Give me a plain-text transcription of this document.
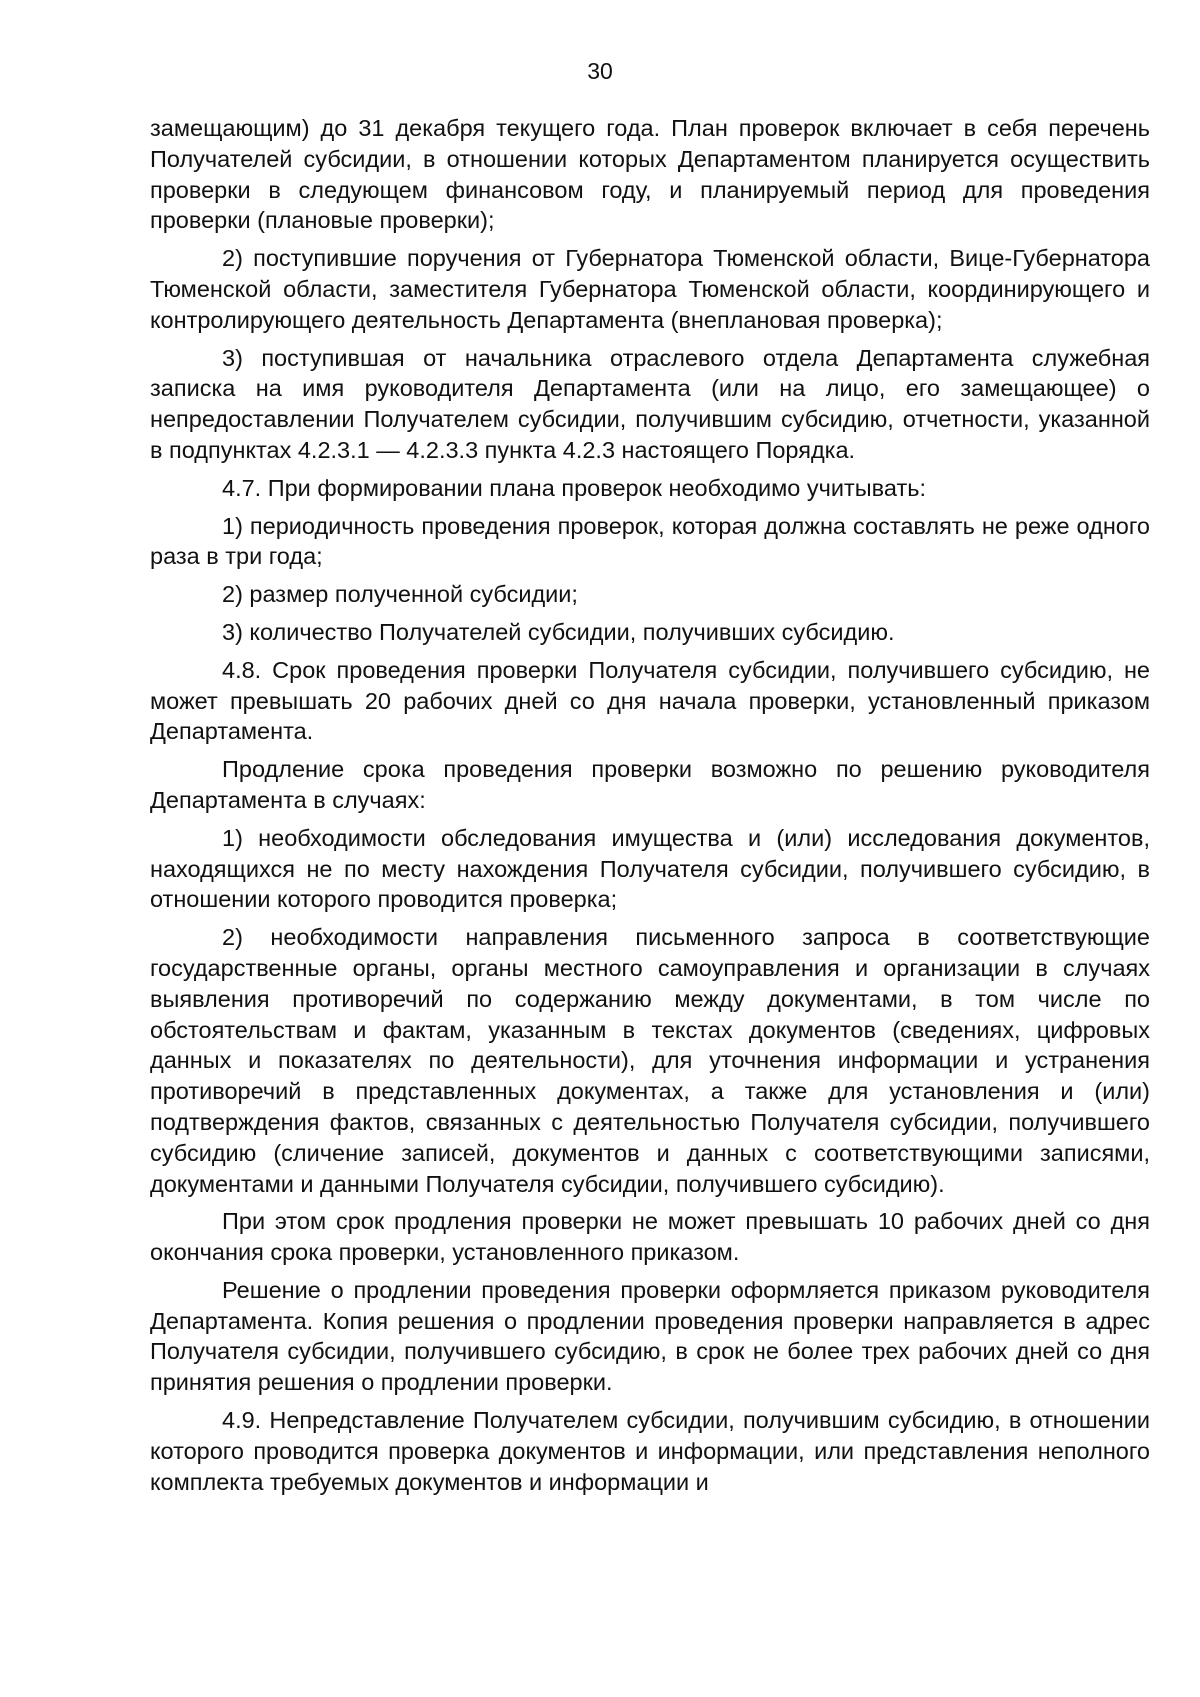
30

замещающим) до 31 декабря текущего года. План проверок включает в себя перечень Получателей субсидии, в отношении которых Департаментом планируется осуществить проверки в следующем финансовом году, и планируемый период для проведения проверки (плановые проверки);

2) поступившие поручения от Губернатора Тюменской области, Вице-Губернатора Тюменской области, заместителя Губернатора Тюменской области, координирующего и контролирующего деятельность Департамента (внеплановая проверка);

3) поступившая от начальника отраслевого отдела Департамента служебная записка на имя руководителя Департамента (или на лицо, его замещающее) о непредоставлении Получателем субсидии, получившим субсидию, отчетности, указанной в подпунктах 4.2.3.1 — 4.2.3.3 пункта 4.2.3 настоящего Порядка.

4.7. При формировании плана проверок необходимо учитывать:

1) периодичность проведения проверок, которая должна составлять не реже одного раза в три года;

2) размер полученной субсидии;

3) количество Получателей субсидии, получивших субсидию.

4.8. Срок проведения проверки Получателя субсидии, получившего субсидию, не может превышать 20 рабочих дней со дня начала проверки, установленный приказом Департамента.

Продление срока проведения проверки возможно по решению руководителя Департамента в случаях:

1) необходимости обследования имущества и (или) исследования документов, находящихся не по месту нахождения Получателя субсидии, получившего субсидию, в отношении которого проводится проверка;

2) необходимости направления письменного запроса в соответствующие государственные органы, органы местного самоуправления и организации в случаях выявления противоречий по содержанию между документами, в том числе по обстоятельствам и фактам, указанным в текстах документов (сведениях, цифровых данных и показателях по деятельности), для уточнения информации и устранения противоречий в представленных документах, а также для установления и (или) подтверждения фактов, связанных с деятельностью Получателя субсидии, получившего субсидию (сличение записей, документов и данных с соответствующими записями, документами и данными Получателя субсидии, получившего субсидию).

При этом срок продления проверки не может превышать 10 рабочих дней со дня окончания срока проверки, установленного приказом.

Решение о продлении проведения проверки оформляется приказом руководителя Департамента. Копия решения о продлении проведения проверки направляется в адрес Получателя субсидии, получившего субсидию, в срок не более трех рабочих дней со дня принятия решения о продлении проверки.

4.9. Непредставление Получателем субсидии, получившим субсидию, в отношении которого проводится проверка документов и информации, или представления неполного комплекта требуемых документов и информации и
